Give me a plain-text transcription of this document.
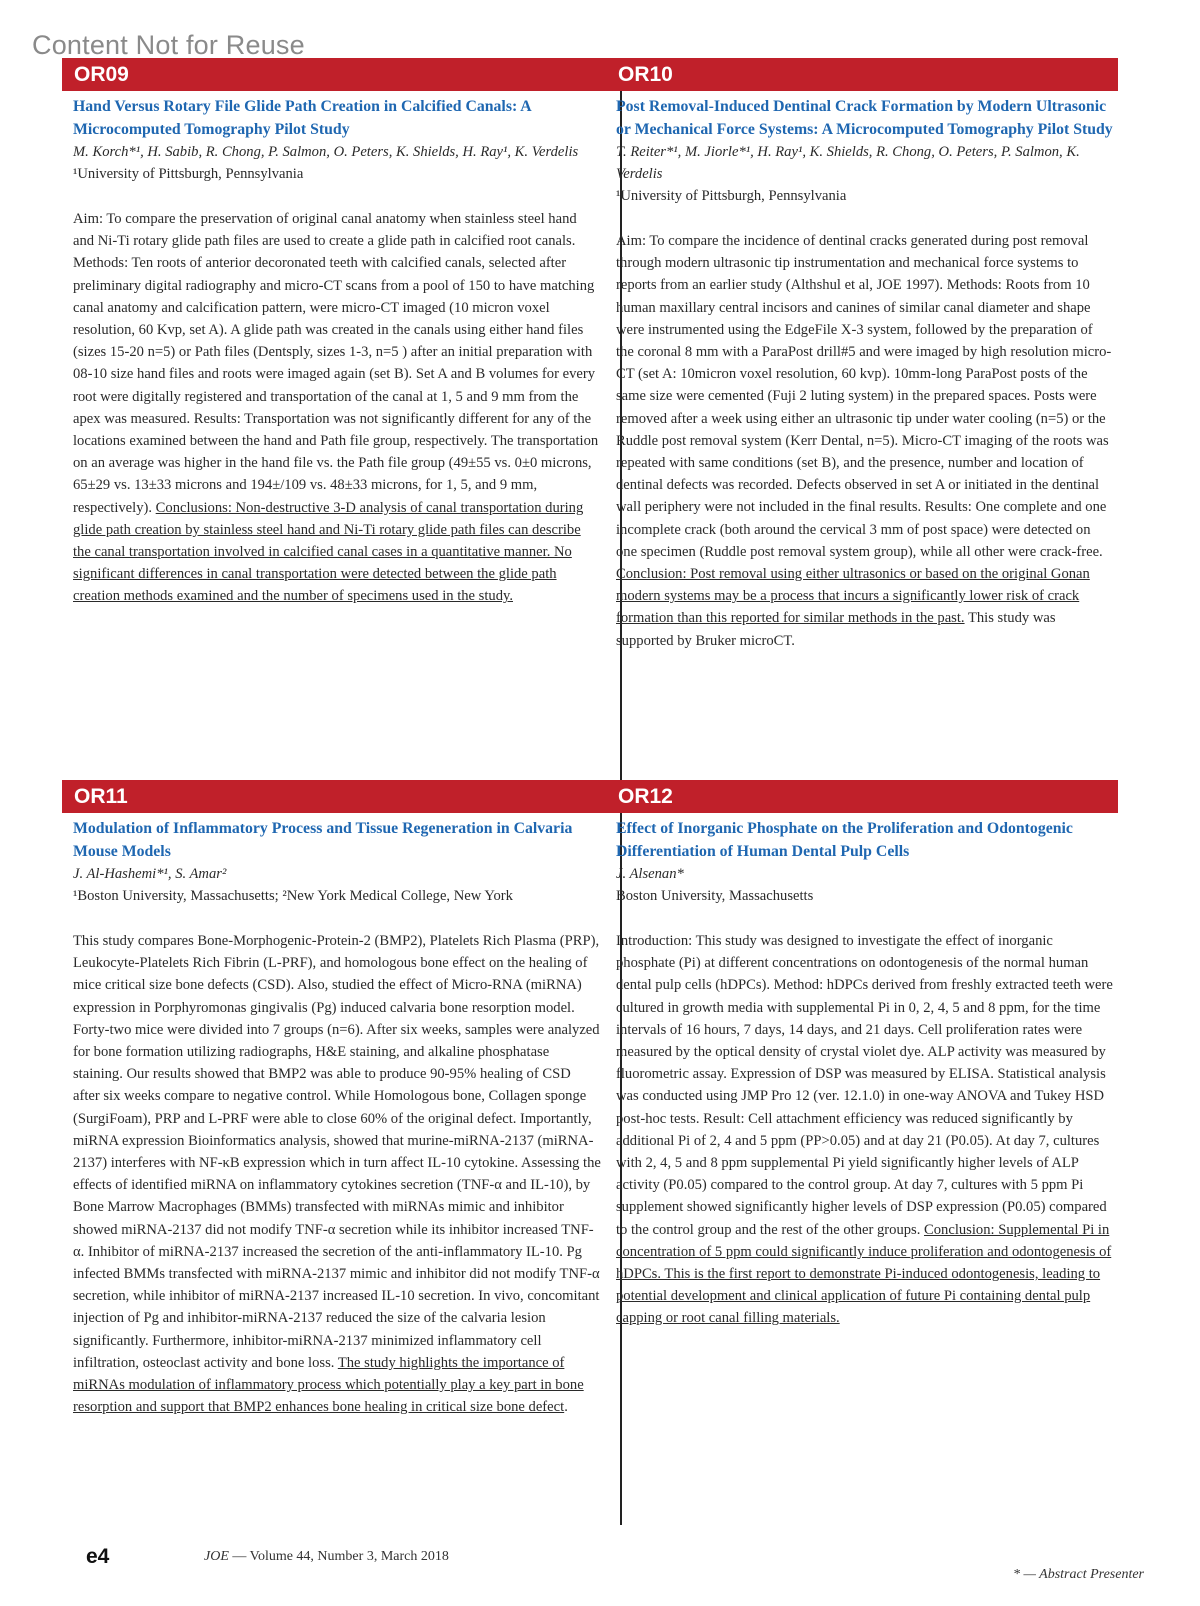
Content Not for Reuse
OR09

Hand Versus Rotary File Glide Path Creation in Calcified Canals: A Microcomputed Tomography Pilot Study

M. Korch*¹, H. Sabib, R. Chong, P. Salmon, O. Peters, K. Shields, H. Ray¹, K. Verdelis

¹University of Pittsburgh, Pennsylvania

Aim: To compare the preservation of original canal anatomy when stainless steel hand and Ni-Ti rotary glide path files are used to create a glide path in calcified root canals. Methods: Ten roots of anterior decoronated teeth with calcified canals, selected after preliminary digital radiography and micro-CT scans from a pool of 150 to have matching canal anatomy and calcification pattern, were micro-CT imaged (10 micron voxel resolution, 60 Kvp, set A). A glide path was created in the canals using either hand files (sizes 15-20 n=5) or Path files (Dentsply, sizes 1-3, n=5 ) after an initial preparation with 08-10 size hand files and roots were imaged again (set B). Set A and B volumes for every root were digitally registered and transportation of the canal at 1, 5 and 9 mm from the apex was measured. Results: Transportation was not significantly different for any of the locations examined between the hand and Path file group, respectively. The transportation on an average was higher in the hand file vs. the Path file group (49±55 vs. 0±0 microns, 65±29 vs. 13±33 microns and 194±/109 vs. 48±33 microns, for 1, 5, and 9 mm, respectively). Conclusions: Non-destructive 3-D analysis of canal transportation during glide path creation by stainless steel hand and Ni-Ti rotary glide path files can describe the canal transportation involved in calcified canal cases in a quantitative manner. No significant differences in canal transportation were detected between the glide path creation methods examined and the number of specimens used in the study.

OR10

Post Removal-Induced Dentinal Crack Formation by Modern Ultrasonic or Mechanical Force Systems: A Microcomputed Tomography Pilot Study

T. Reiter*¹, M. Jiorle*¹, H. Ray¹, K. Shields, R. Chong, O. Peters, P. Salmon, K. Verdelis

¹University of Pittsburgh, Pennsylvania

Aim: To compare the incidence of dentinal cracks generated during post removal through modern ultrasonic tip instrumentation and mechanical force systems to reports from an earlier study (Althshul et al, JOE 1997). Methods: Roots from 10 human maxillary central incisors and canines of similar canal diameter and shape were instrumented using the EdgeFile X-3 system, followed by the preparation of the coronal 8 mm with a ParaPost drill#5 and were imaged by high resolution micro-CT (set A: 10micron voxel resolution, 60 kvp). 10mm-long ParaPost posts of the same size were cemented (Fuji 2 luting system) in the prepared spaces. Posts were removed after a week using either an ultrasonic tip under water cooling (n=5) or the Ruddle post removal system (Kerr Dental, n=5). Micro-CT imaging of the roots was repeated with same conditions (set B), and the presence, number and location of dentinal defects was recorded. Defects observed in set A or initiated in the dentinal wall periphery were not included in the final results. Results: One complete and one incomplete crack (both around the cervical 3 mm of post space) were detected on one specimen (Ruddle post removal system group), while all other were crack-free. Conclusion: Post removal using either ultrasonics or based on the original Gonan modern systems may be a process that incurs a significantly lower risk of crack formation than this reported for similar methods in the past. This study was supported by Bruker microCT.

OR11

Modulation of Inflammatory Process and Tissue Regeneration in Calvaria Mouse Models

J. Al-Hashemi*¹, S. Amar²

¹Boston University, Massachusetts; ²New York Medical College, New York

This study compares Bone-Morphogenic-Protein-2 (BMP2), Platelets Rich Plasma (PRP), Leukocyte-Platelets Rich Fibrin (L-PRF), and homologous bone effect on the healing of mice critical size bone defects (CSD). Also, studied the effect of Micro-RNA (miRNA) expression in Porphyromonas gingivalis (Pg) induced calvaria bone resorption model. Forty-two mice were divided into 7 groups (n=6). After six weeks, samples were analyzed for bone formation utilizing radiographs, H&E staining, and alkaline phosphatase staining. Our results showed that BMP2 was able to produce 90-95% healing of CSD after six weeks compare to negative control. While Homologous bone, Collagen sponge (SurgiFoam), PRP and L-PRF were able to close 60% of the original defect. Importantly, miRNA expression Bioinformatics analysis, showed that murine-miRNA-2137 (miRNA-2137) interferes with NF-κB expression which in turn affect IL-10 cytokine. Assessing the effects of identified miRNA on inflammatory cytokines secretion (TNF-α and IL-10), by Bone Marrow Macrophages (BMMs) transfected with miRNAs mimic and inhibitor showed miRNA-2137 did not modify TNF-α secretion while its inhibitor increased TNF-α. Inhibitor of miRNA-2137 increased the secretion of the anti-inflammatory IL-10. Pg infected BMMs transfected with miRNA-2137 mimic and inhibitor did not modify TNF-α secretion, while inhibitor of miRNA-2137 increased IL-10 secretion. In vivo, concomitant injection of Pg and inhibitor-miRNA-2137 reduced the size of the calvaria lesion significantly. Furthermore, inhibitor-miRNA-2137 minimized inflammatory cell infiltration, osteoclast activity and bone loss. The study highlights the importance of miRNAs modulation of inflammatory process which potentially play a key part in bone resorption and support that BMP2 enhances bone healing in critical size bone defect.

OR12

Effect of Inorganic Phosphate on the Proliferation and Odontogenic Differentiation of Human Dental Pulp Cells

J. Alsenan*

Boston University, Massachusetts

Introduction: This study was designed to investigate the effect of inorganic phosphate (Pi) at different concentrations on odontogenesis of the normal human dental pulp cells (hDPCs). Method: hDPCs derived from freshly extracted teeth were cultured in growth media with supplemental Pi in 0, 2, 4, 5 and 8 ppm, for the time intervals of 16 hours, 7 days, 14 days, and 21 days. Cell proliferation rates were measured by the optical density of crystal violet dye. ALP activity was measured by fluorometric assay. Expression of DSP was measured by ELISA. Statistical analysis was conducted using JMP Pro 12 (ver. 12.1.0) in one-way ANOVA and Tukey HSD post-hoc tests. Result: Cell attachment efficiency was reduced significantly by additional Pi of 2, 4 and 5 ppm (PP>0.05) and at day 21 (P0.05). At day 7, cultures with 2, 4, 5 and 8 ppm supplemental Pi yield significantly higher levels of ALP activity (P0.05) compared to the control group. At day 7, cultures with 5 ppm Pi supplement showed significantly higher levels of DSP expression (P0.05) compared to the control group and the rest of the other groups. Conclusion: Supplemental Pi in concentration of 5 ppm could significantly induce proliferation and odontogenesis of hDPCs. This is the first report to demonstrate Pi-induced odontogenesis, leading to potential development and clinical application of future Pi containing dental pulp capping or root canal filling materials.

e4	JOE — Volume 44, Number 3, March 2018
* — Abstract Presenter
